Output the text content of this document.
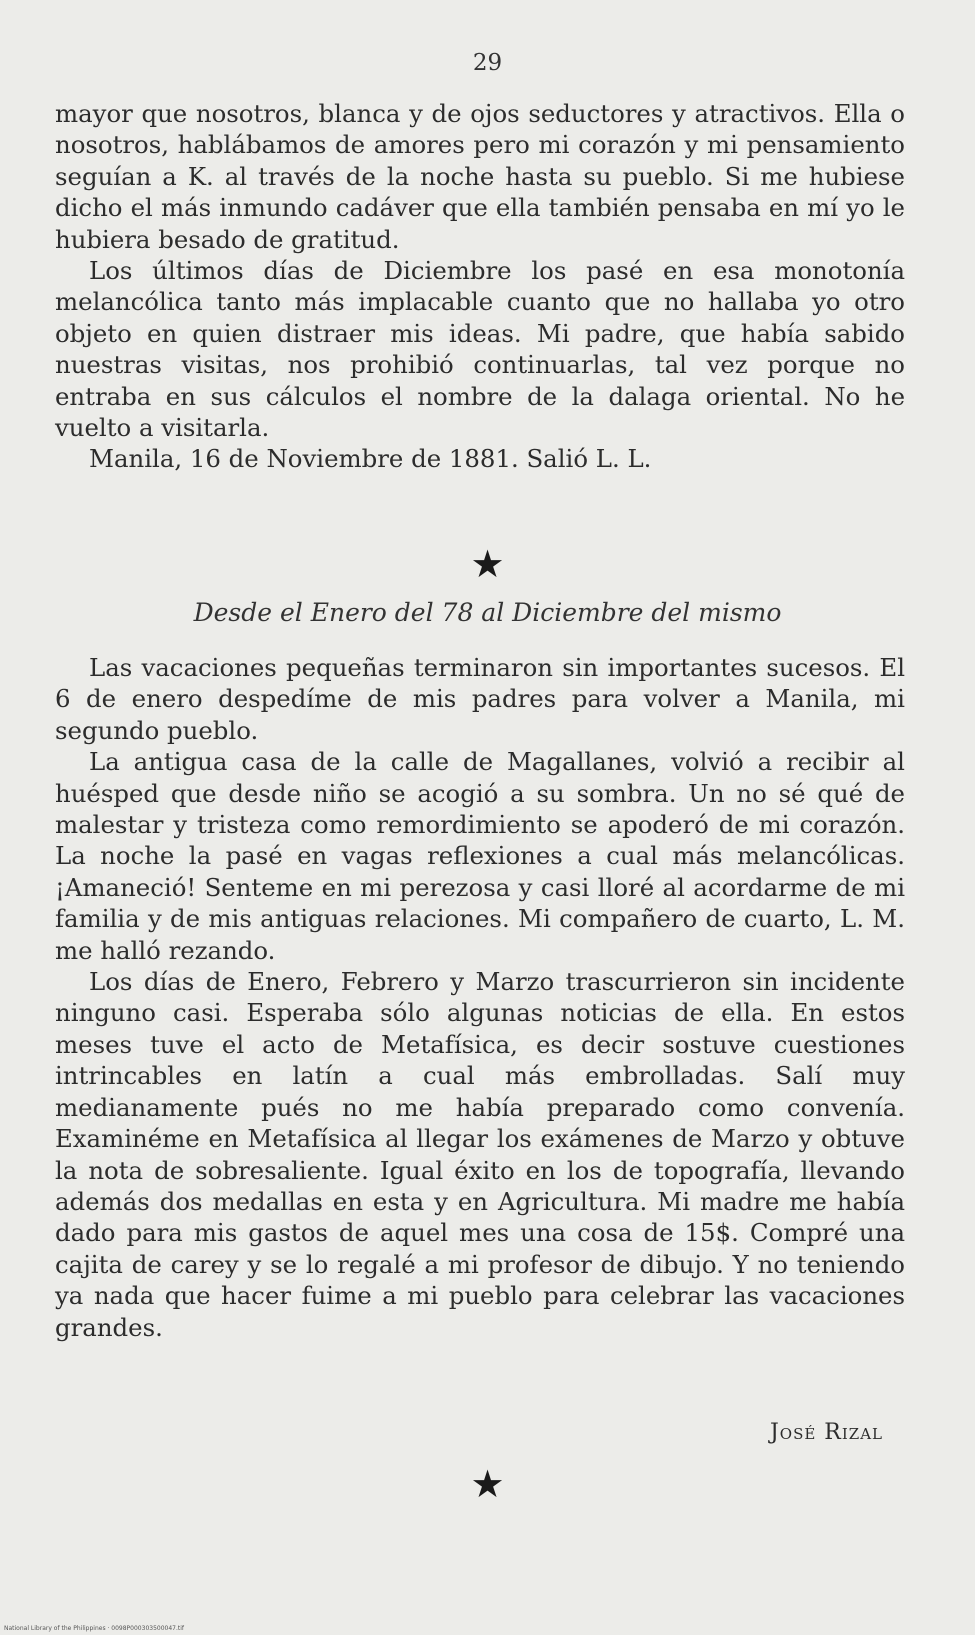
29

mayor que nosotros, blanca y de ojos seductores y atractivos. Ella o nosotros, hablábamos de amores pero mi corazón y mi pensamiento seguían a K. al través de la noche hasta su pueblo. Si me hubiese dicho el más inmundo cadáver que ella también pensaba en mí yo le hubiera besado de gratitud.

Los últimos días de Diciembre los pasé en esa monotonía melancólica tanto más implacable cuanto que no hallaba yo otro objeto en quien distraer mis ideas. Mi padre, que había sabido nuestras visitas, nos prohibió continuarlas, tal vez porque no entraba en sus cálculos el nombre de la dalaga oriental. No he vuelto a visitarla.

Manila, 16 de Noviembre de 1881. Salió L. L.

★
Desde el Enero del 78 al Diciembre del mismo

Las vacaciones pequeñas terminaron sin importantes sucesos. El 6 de enero despedíme de mis padres para volver a Manila, mi segundo pueblo.

La antigua casa de la calle de Magallanes, volvió a recibir al huésped que desde niño se acogió a su sombra. Un no sé qué de malestar y tristeza como remordimiento se apoderó de mi corazón. La noche la pasé en vagas reflexiones a cual más melancólicas. ¡Amaneció! Senteme en mi perezosa y casi lloré al acordarme de mi familia y de mis antiguas relaciones. Mi compañero de cuarto, L. M. me halló rezando.

Los días de Enero, Febrero y Marzo trascurrieron sin incidente ninguno casi. Esperaba sólo algunas noticias de ella. En estos meses tuve el acto de Metafísica, es decir sostuve cuestiones intrincables en latín a cual más embrolladas. Salí muy medianamente pués no me había preparado como convenía. Examinéme en Metafísica al llegar los exámenes de Marzo y obtuve la nota de sobresaliente. Igual éxito en los de topografía, llevando además dos medallas en esta y en Agricultura. Mi madre me había dado para mis gastos de aquel mes una cosa de 15$. Compré una cajita de carey y se lo regalé a mi profesor de dibujo. Y no teniendo ya nada que hacer fuime a mi pueblo para celebrar las vacaciones grandes.

José Rizal
★
National Library of the Philippines · 0098P000303500047.tif
